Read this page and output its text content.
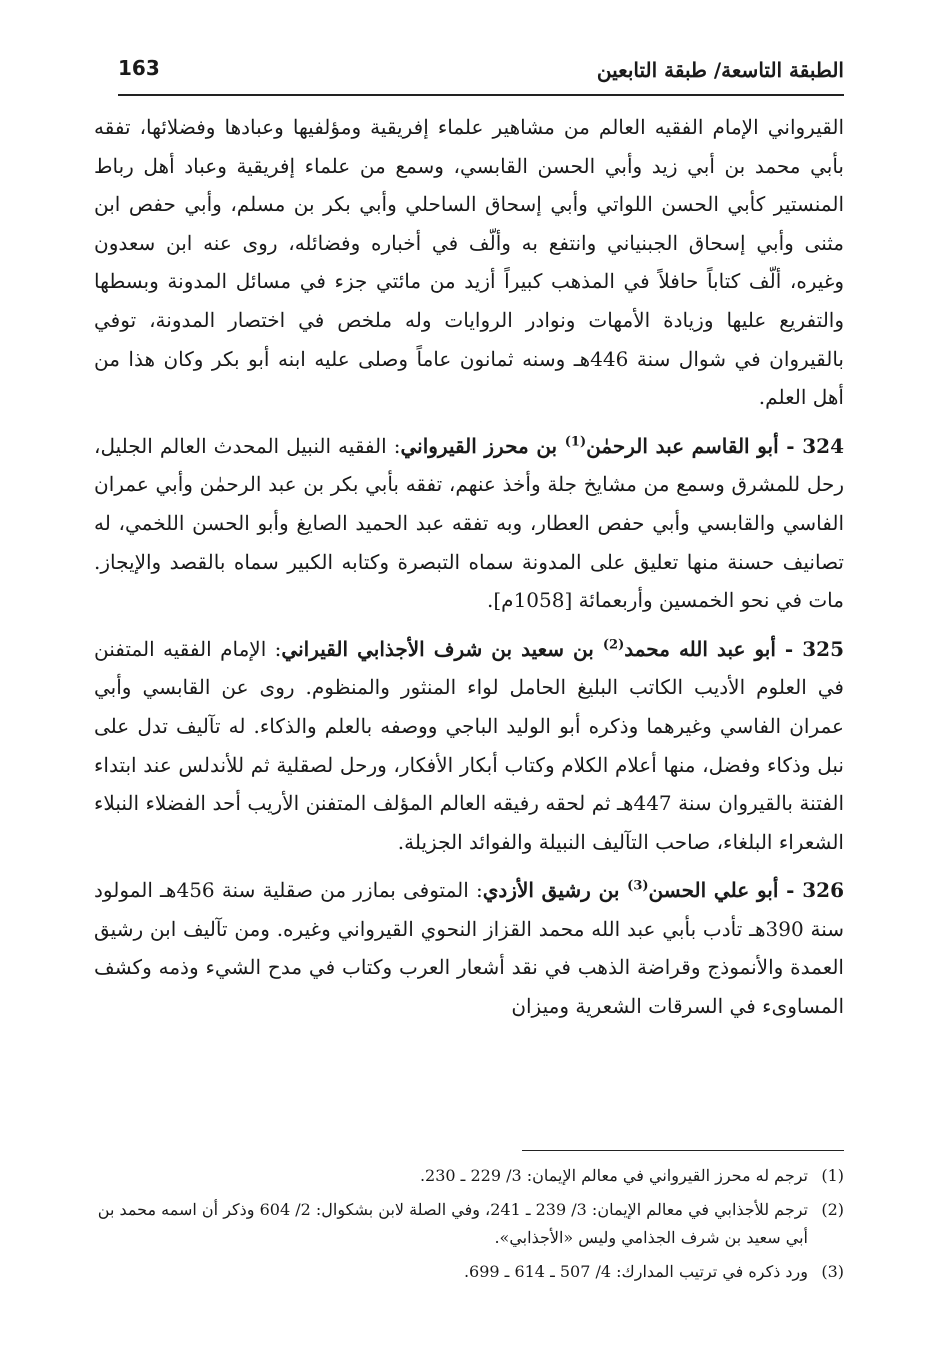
163	الطبقة التاسعة/ طبقة التابعين

القيرواني الإمام الفقيه العالم من مشاهير علماء إفريقية ومؤلفيها وعبادها وفضلائها، تفقه بأبي محمد بن أبي زيد وأبي الحسن القابسي، وسمع من علماء إفريقية وعباد أهل رباط المنستير كأبي الحسن اللواتي وأبي إسحاق الساحلي وأبي بكر بن مسلم، وأبي حفص ابن مثنى وأبي إسحاق الجبنياني وانتفع به وألّف في أخباره وفضائله، روى عنه ابن سعدون وغيره، ألّف كتاباً حافلاً في المذهب كبيراً أزيد من مائتي جزء في مسائل المدونة وبسطها والتفريع عليها وزيادة الأمهات ونوادر الروايات وله ملخص في اختصار المدونة، توفي بالقيروان في شوال سنة 446هـ وسنه ثمانون عاماً وصلى عليه ابنه أبو بكر وكان هذا من أهل العلم.

324 - أبو القاسم عبد الرحمٰن$^{(1)}$ بن محرز القيرواني: الفقيه النبيل المحدث العالم الجليل، رحل للمشرق وسمع من مشايخ جلة وأخذ عنهم، تفقه بأبي بكر بن عبد الرحمٰن وأبي عمران الفاسي والقابسي وأبي حفص العطار، وبه تفقه عبد الحميد الصايغ وأبو الحسن اللخمي، له تصانيف حسنة منها تعليق على المدونة سماه التبصرة وكتابه الكبير سماه بالقصد والإيجاز. مات في نحو الخمسين وأربعمائة [1058م].

325 - أبو عبد الله محمد$^{(2)}$ بن سعيد بن شرف الأجذابي القيراني: الإمام الفقيه المتفنن في العلوم الأديب الكاتب البليغ الحامل لواء المنثور والمنظوم. روى عن القابسي وأبي عمران الفاسي وغيرهما وذكره أبو الوليد الباجي ووصفه بالعلم والذكاء. له تآليف تدل على نبل وذكاء وفضل، منها أعلام الكلام وكتاب أبكار الأفكار، ورحل لصقلية ثم للأندلس عند ابتداء الفتنة بالقيروان سنة 447هـ ثم لحقه رفيقه العالم المؤلف المتفنن الأريب أحد الفضلاء النبلاء الشعراء البلغاء، صاحب التآليف النبيلة والفوائد الجزيلة.

326 - أبو علي الحسن$^{(3)}$ بن رشيق الأزدي: المتوفى بمازر من صقلية سنة 456هـ المولود سنة 390هـ تأدب بأبي عبد الله محمد القزاز النحوي القيرواني وغيره. ومن تآليف ابن رشيق العمدة والأنموذج وقراضة الذهب في نقد أشعار العرب وكتاب في مدح الشيء وذمه وكشف المساوىء في السرقات الشعرية وميزان

(1)
ترجم له محرز القيرواني في معالم الإيمان: 3/ 229 ـ 230.
(2)
ترجم للأجذابي في معالم الإيمان: 3/ 239 ـ 241، وفي الصلة لابن بشكوال: 2/ 604 وذكر أن اسمه محمد بن أبي سعيد بن شرف الجذامي وليس «الأجذابي».
(3)
ورد ذكره في ترتيب المدارك: 4/ 507 ـ 614 ـ 699.
